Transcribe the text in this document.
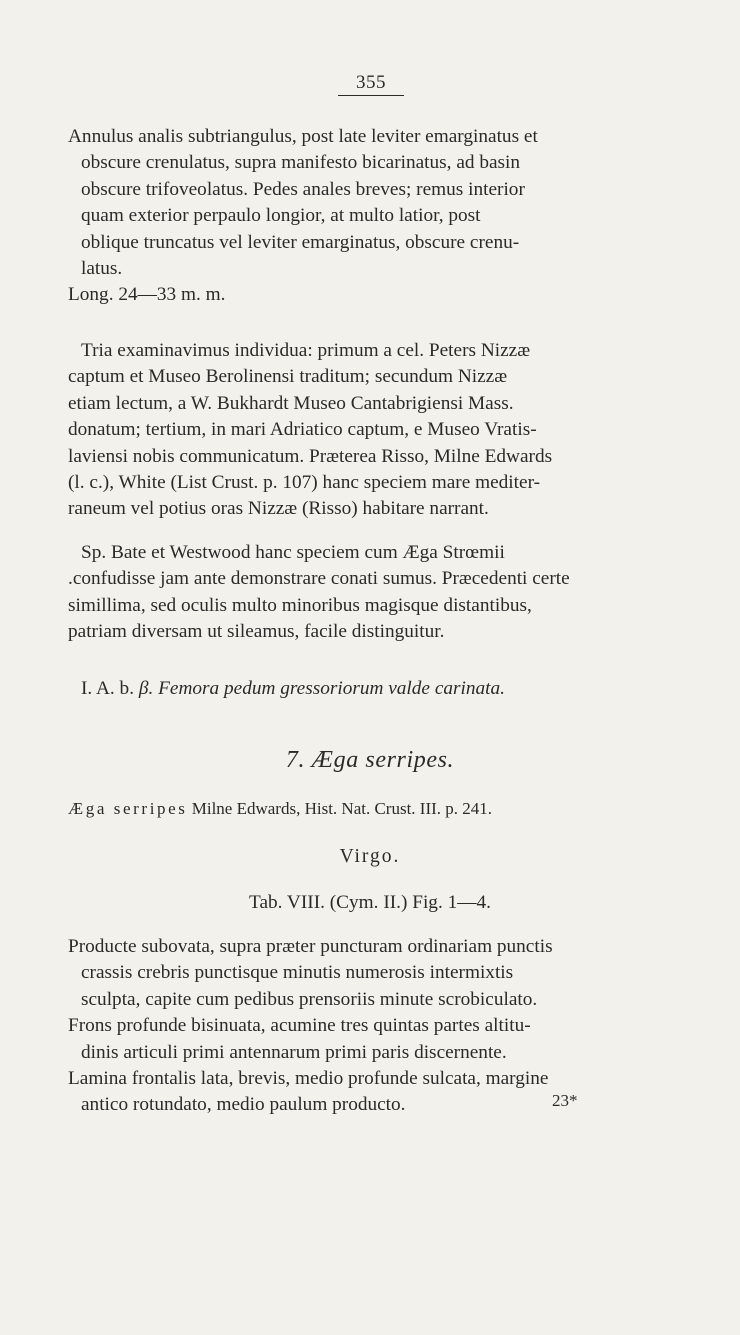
355

Annulus analis subtriangulus, post late leviter emarginatus et

obscure crenulatus, supra manifesto bicarinatus, ad basin

obscure trifoveolatus. Pedes anales breves; remus interior

quam exterior perpaulo longior, at multo latior, post

oblique truncatus vel leviter emarginatus, obscure crenu-

latus.

Long. 24—33 m. m.

Tria examinavimus individua: primum a cel. Peters Nizzæ

captum et Museo Berolinensi traditum; secundum Nizzæ

etiam lectum, a W. Bukhardt Museo Cantabrigiensi Mass.

donatum; tertium, in mari Adriatico captum, e Museo Vratis-

laviensi nobis communicatum. Præterea Risso, Milne Edwards

(l. c.), White (List Crust. p. 107) hanc speciem mare mediter-

raneum vel potius oras Nizzæ (Risso) habitare narrant.

Sp. Bate et Westwood hanc speciem cum Æga Strœmii

.confudisse jam ante demonstrare conati sumus. Præcedenti certe

simillima, sed oculis multo minoribus magisque distantibus,

patriam diversam ut sileamus, facile distinguitur.

I. A. b. β. Femora pedum gressoriorum valde carinata.
7. Æga serripes.
Æga serripes Milne Edwards, Hist. Nat. Crust. III. p. 241.
Virgo.
Tab. VIII. (Cym. II.) Fig. 1—4.

Producte subovata, supra præter puncturam ordinariam punctis

crassis crebris punctisque minutis numerosis intermixtis

sculpta, capite cum pedibus prensoriis minute scrobiculato.

Frons profunde bisinuata, acumine tres quintas partes altitu-

dinis articuli primi antennarum primi paris discernente.

Lamina frontalis lata, brevis, medio profunde sulcata, margine

antico rotundato, medio paulum producto.	23*
